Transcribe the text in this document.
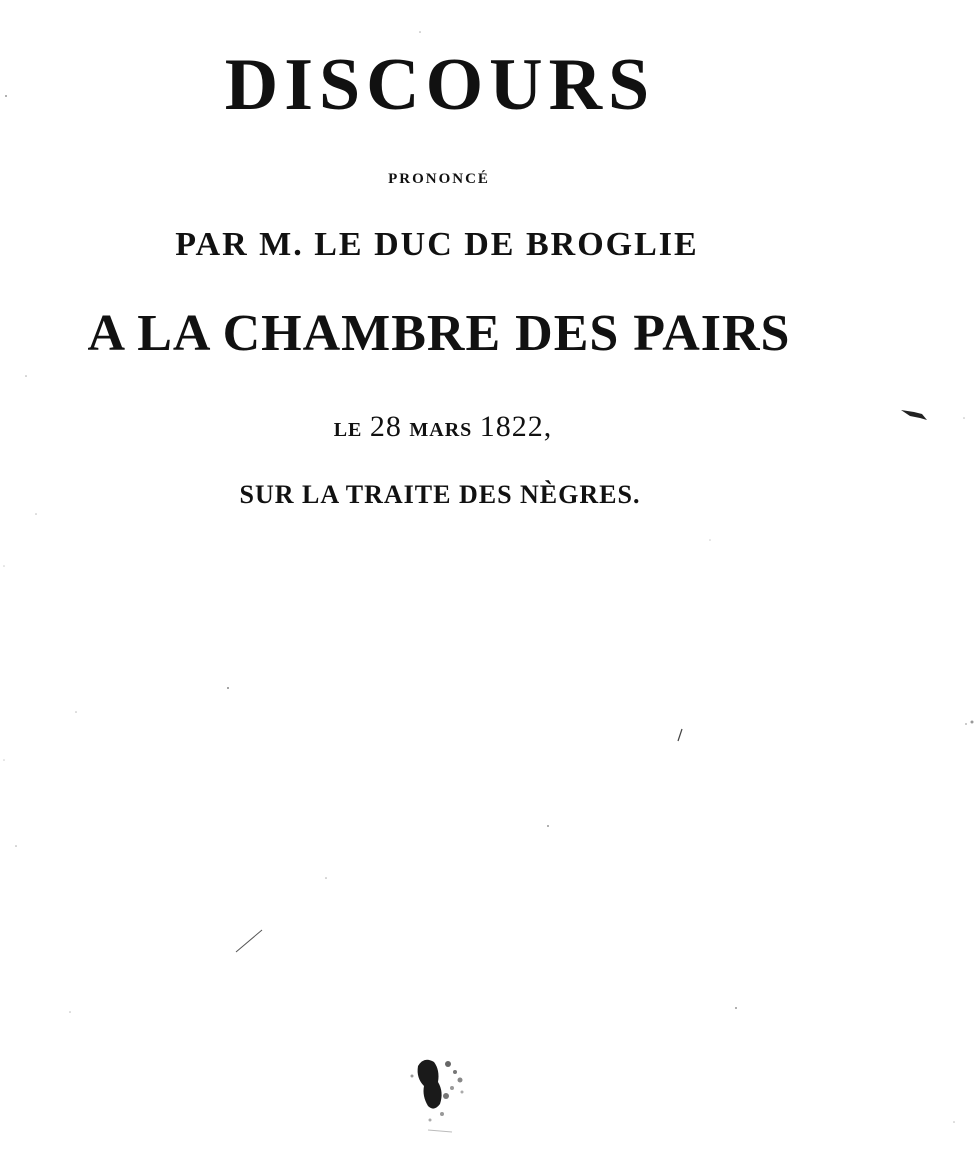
DISCOURS
PRONONCÉ
PAR M. LE DUC DE BROGLIE
A LA CHAMBRE DES PAIRS
LE 28 MARS 1822,
SUR LA TRAITE DES NÈGRES.
